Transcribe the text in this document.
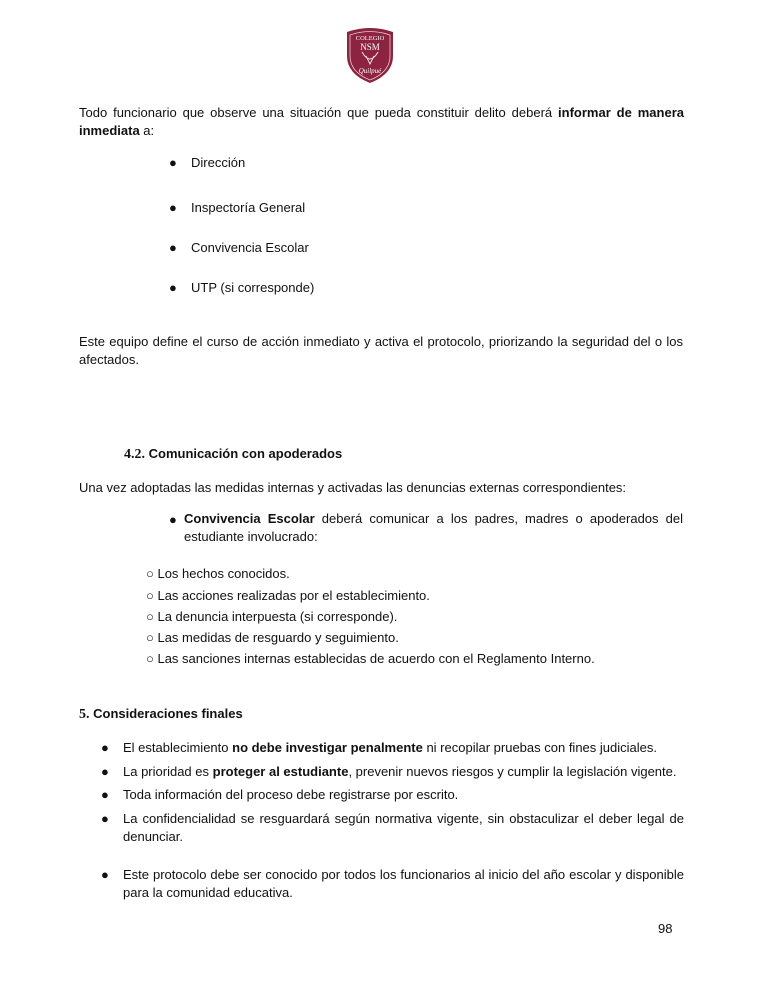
COLEGIO
NSM
Quilpué
Todo funcionario que observe una situación que pueda constituir delito deberá informar de manera inmediata a:
● Dirección
● Inspectoría General
● Convivencia Escolar
● UTP (si corresponde)
Este equipo define el curso de acción inmediato y activa el protocolo, priorizando la seguridad del o los afectados.
4.2. Comunicación con apoderados
Una vez adoptadas las medidas internas y activadas las denuncias externas correspondientes:
● Convivencia Escolar deberá comunicar a los padres, madres o apoderados del estudiante involucrado:
○ Los hechos conocidos.
○ Las acciones realizadas por el establecimiento.
○ La denuncia interpuesta (si corresponde).
○ Las medidas de resguardo y seguimiento.
○ Las sanciones internas establecidas de acuerdo con el Reglamento Interno.
5. Consideraciones finales
● El establecimiento no debe investigar penalmente ni recopilar pruebas con fines judiciales.
● La prioridad es proteger al estudiante, prevenir nuevos riesgos y cumplir la legislación vigente.
● Toda información del proceso debe registrarse por escrito.
● La confidencialidad se resguardará según normativa vigente, sin obstaculizar el deber legal de denunciar.
● Este protocolo debe ser conocido por todos los funcionarios al inicio del año escolar y disponible para la comunidad educativa.
98
